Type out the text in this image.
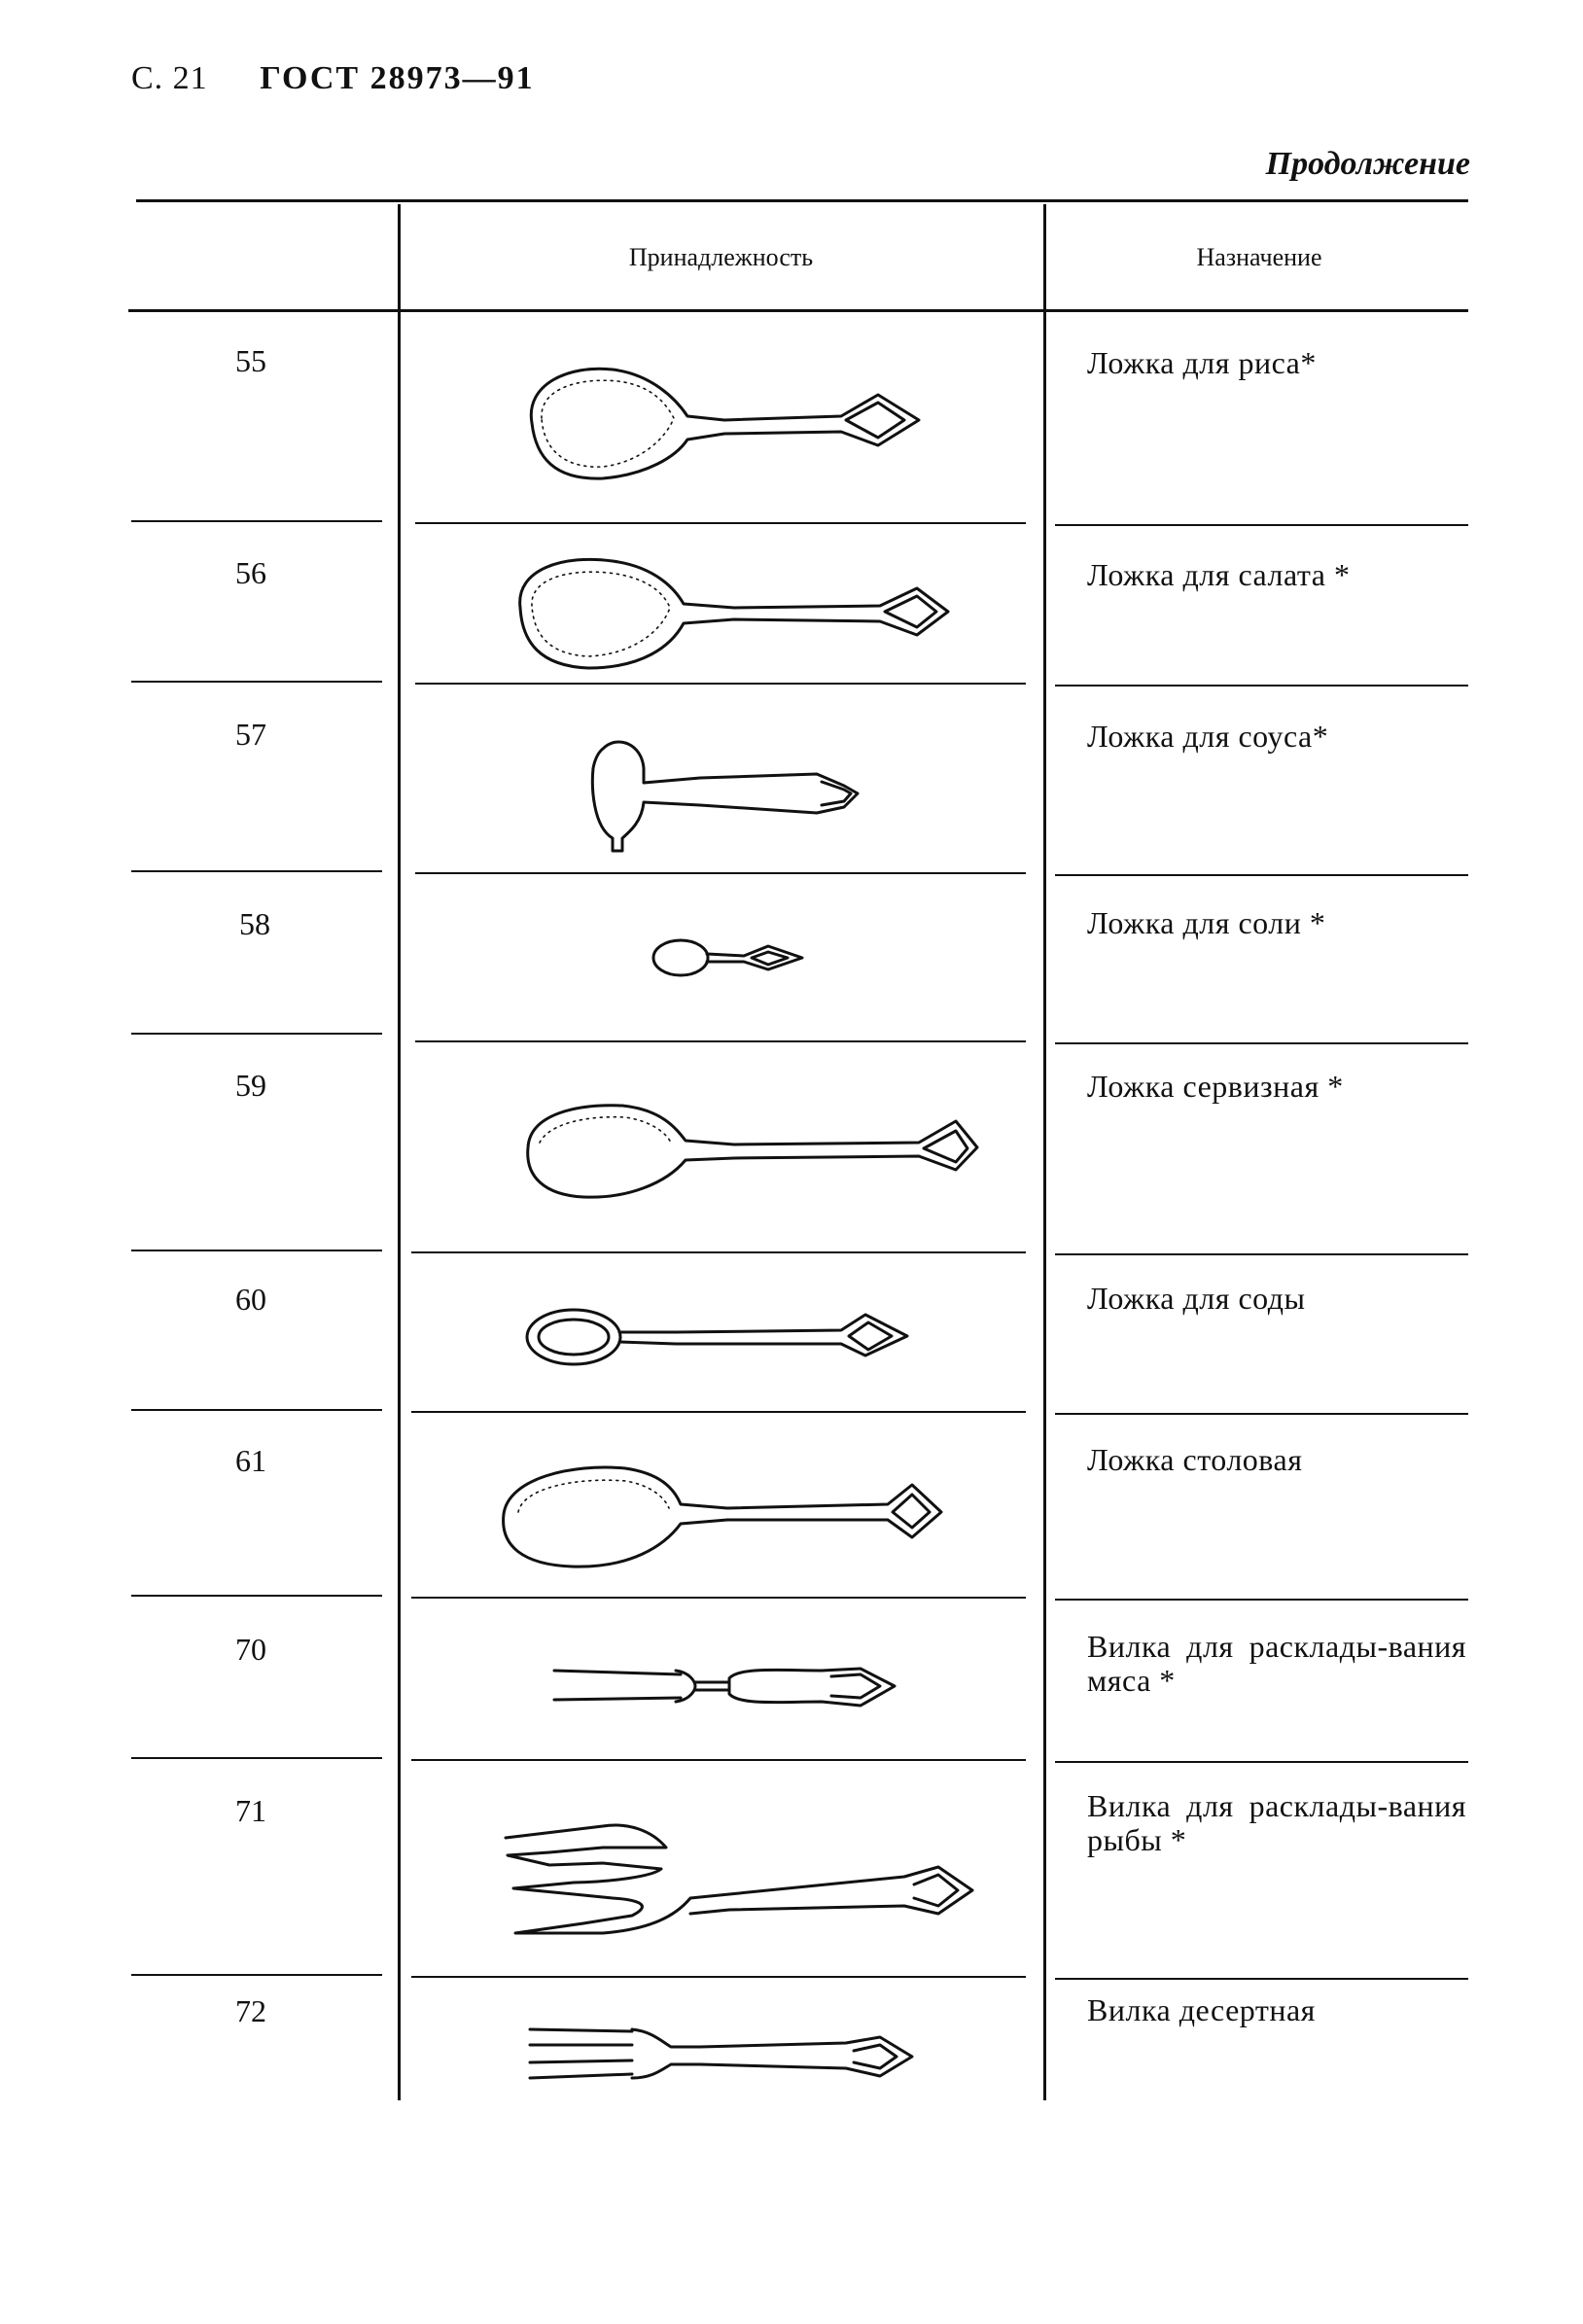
С. 21 ГОСТ 28973—91
Продолжение
Принадлежность	Назначение
55	Ложка для риса*
56	Ложка для салата *
57	Ложка для соуса*
58	Ложка для соли *
59	Ложка сервизная *
60	Ложка для соды
61	Ложка столовая
70	Вилка для расклады-вания мяса *
71	Вилка для расклады-вания рыбы *
72	Вилка десертная
